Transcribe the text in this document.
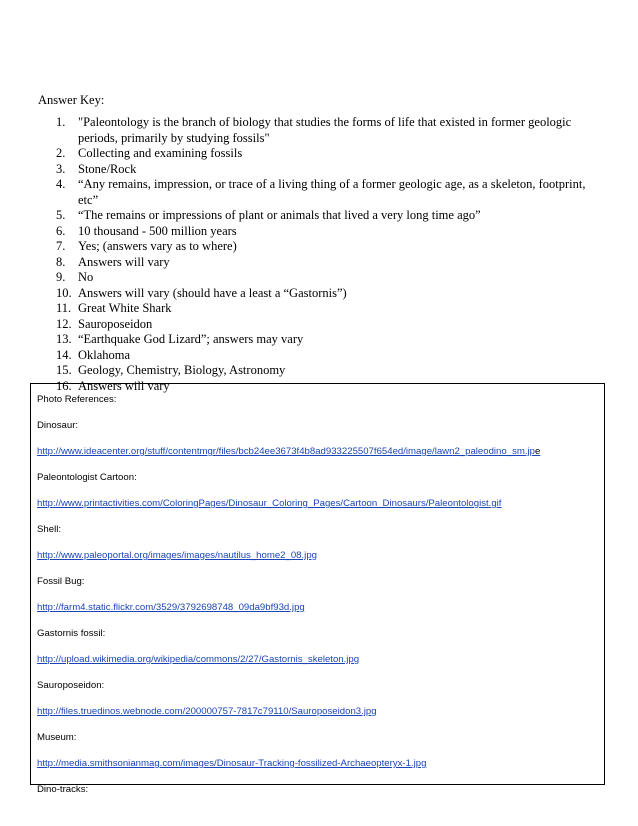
Answer Key:
1. "Paleontology is the branch of biology that studies the forms of life that existed in former geologic periods, primarily by studying fossils"
2. Collecting and examining fossils
3. Stone/Rock
4. “Any remains, impression, or trace of a living thing of a former geologic age, as a skeleton, footprint, etc”
5. “The remains or impressions of plant or animals that lived a very long time ago”
6. 10 thousand - 500 million years
7. Yes; (answers vary as to where)
8. Answers will vary
9. No
10. Answers will vary (should have a least a “Gastornis”)
11. Great White Shark
12. Sauroposeidon
13. “Earthquake God Lizard”; answers may vary
14. Oklahoma
15. Geology, Chemistry, Biology, Astronomy
16. Answers will vary

Photo References:

Dinosaur:

http://www.ideacenter.org/stuff/contentmgr/files/bcb24ee3673f4b8ad933225507f654ed/image/lawn2_paleodino_sm.jpe

Paleontologist Cartoon:

http://www.printactivities.com/ColoringPages/Dinosaur_Coloring_Pages/Cartoon_Dinosaurs/Paleontologist.gif

Shell:

http://www.paleoportal.org/images/images/nautilus_home2_08.jpg

Fossil Bug:

http://farm4.static.flickr.com/3529/3792698748_09da9bf93d.jpg

Gastornis fossil:

http://upload.wikimedia.org/wikipedia/commons/2/27/Gastornis_skeleton.jpg

Sauroposeidon:

http://files.truedinos.webnode.com/200000757-7817c79110/Sauroposeidon3.jpg

Museum:

http://media.smithsonianmag.com/images/Dinosaur-Tracking-fossilized-Archaeopteryx-1.jpg

Dino-tracks:
